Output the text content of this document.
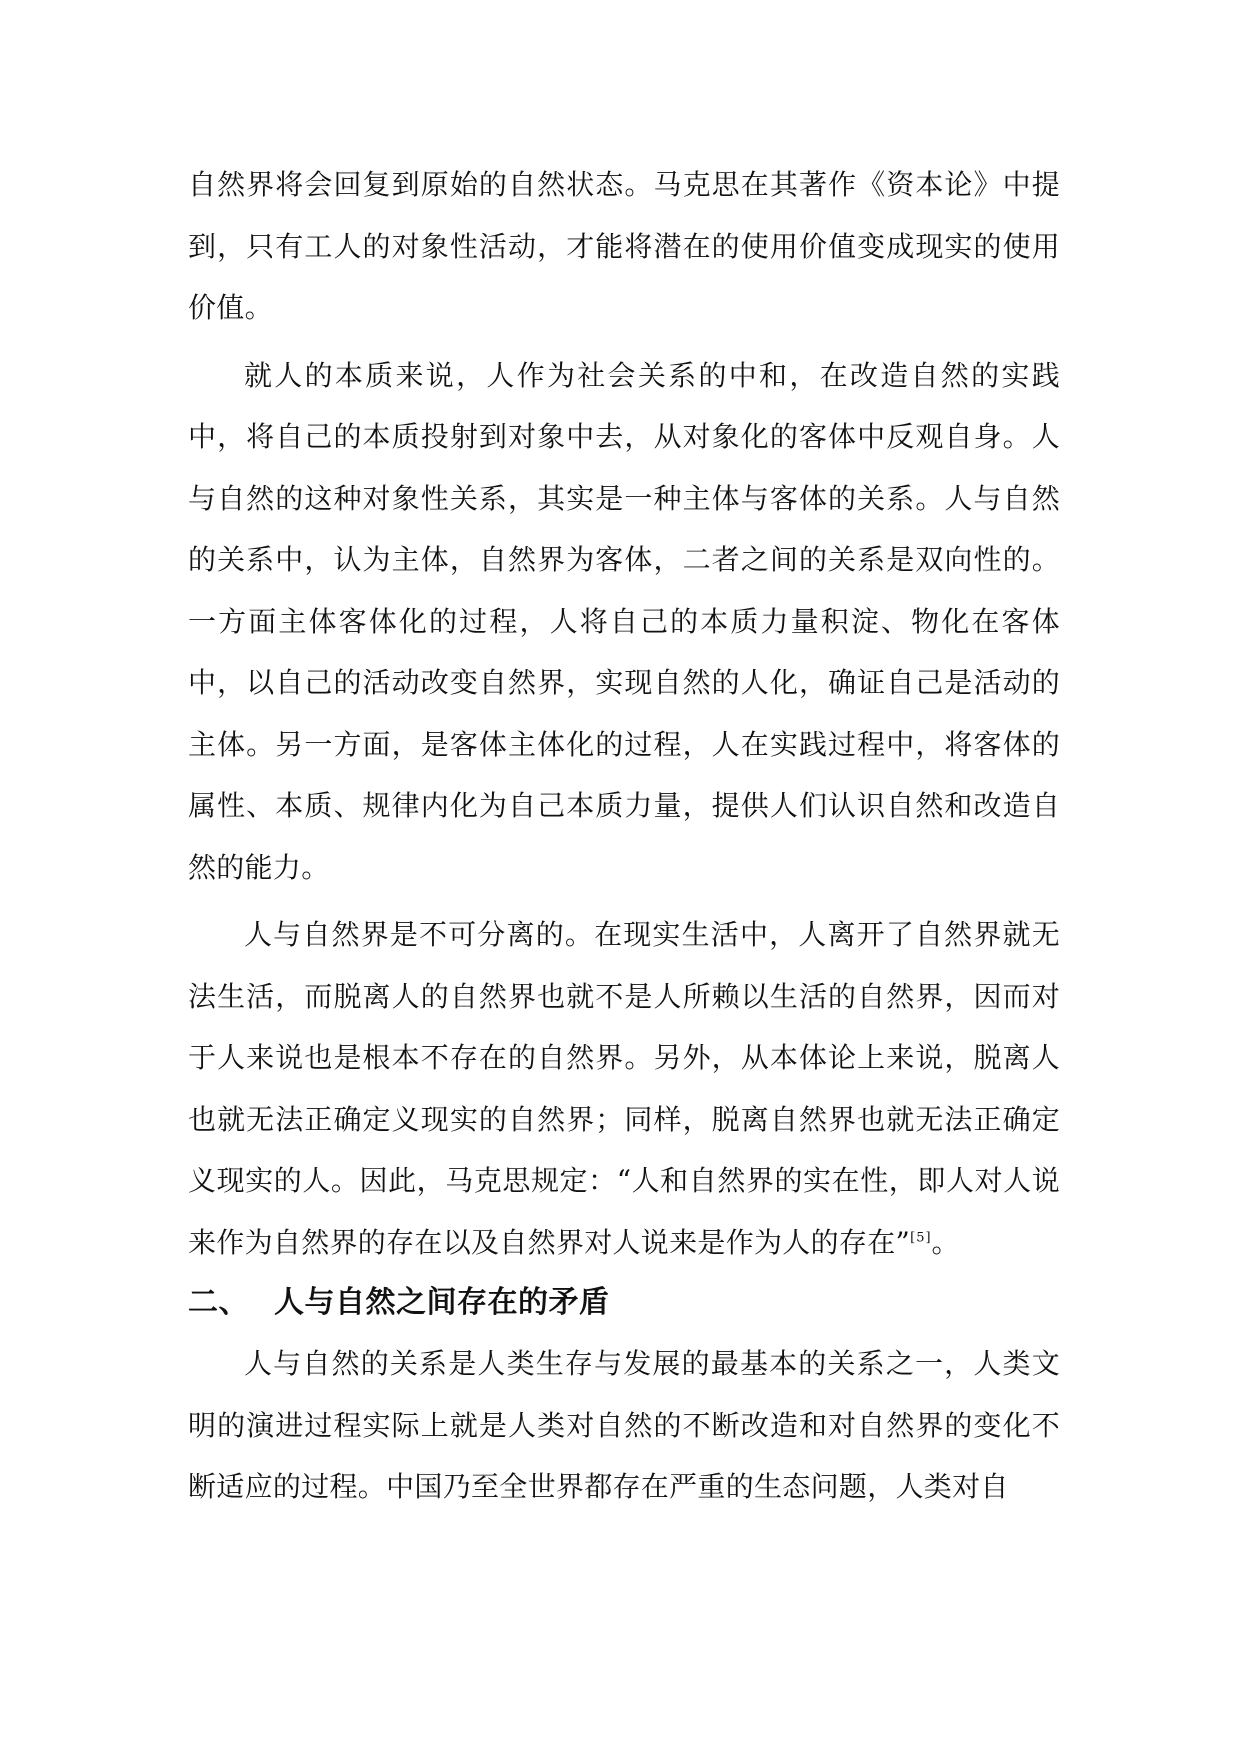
自然界将会回复到原始的自然状态。马克思在其著作《资本论》中提到，只有工人的对象性活动，才能将潜在的使用价值变成现实的使用价值。

就人的本质来说，人作为社会关系的中和，在改造自然的实践中，将自己的本质投射到对象中去，从对象化的客体中反观自身。人与自然的这种对象性关系，其实是一种主体与客体的关系。人与自然的关系中，认为主体，自然界为客体，二者之间的关系是双向性的。一方面主体客体化的过程，人将自己的本质力量积淀、物化在客体中，以自己的活动改变自然界，实现自然的人化，确证自己是活动的主体。另一方面，是客体主体化的过程，人在实践过程中，将客体的属性、本质、规律内化为自己本质力量，提供人们认识自然和改造自然的能力。

人与自然界是不可分离的。在现实生活中，人离开了自然界就无法生活，而脱离人的自然界也就不是人所赖以生活的自然界，因而对于人来说也是根本不存在的自然界。另外，从本体论上来说，脱离人也就无法正确定义现实的自然界；同样，脱离自然界也就无法正确定义现实的人。因此，马克思规定：“人和自然界的实在性，即人对人说来作为自然界的存在以及自然界对人说来是作为人的存在”[5]。

二、 人与自然之间存在的矛盾

人与自然的关系是人类生存与发展的最基本的关系之一，人类文明的演进过程实际上就是人类对自然的不断改造和对自然界的变化不断适应的过程。中国乃至全世界都存在严重的生态问题，人类对自
